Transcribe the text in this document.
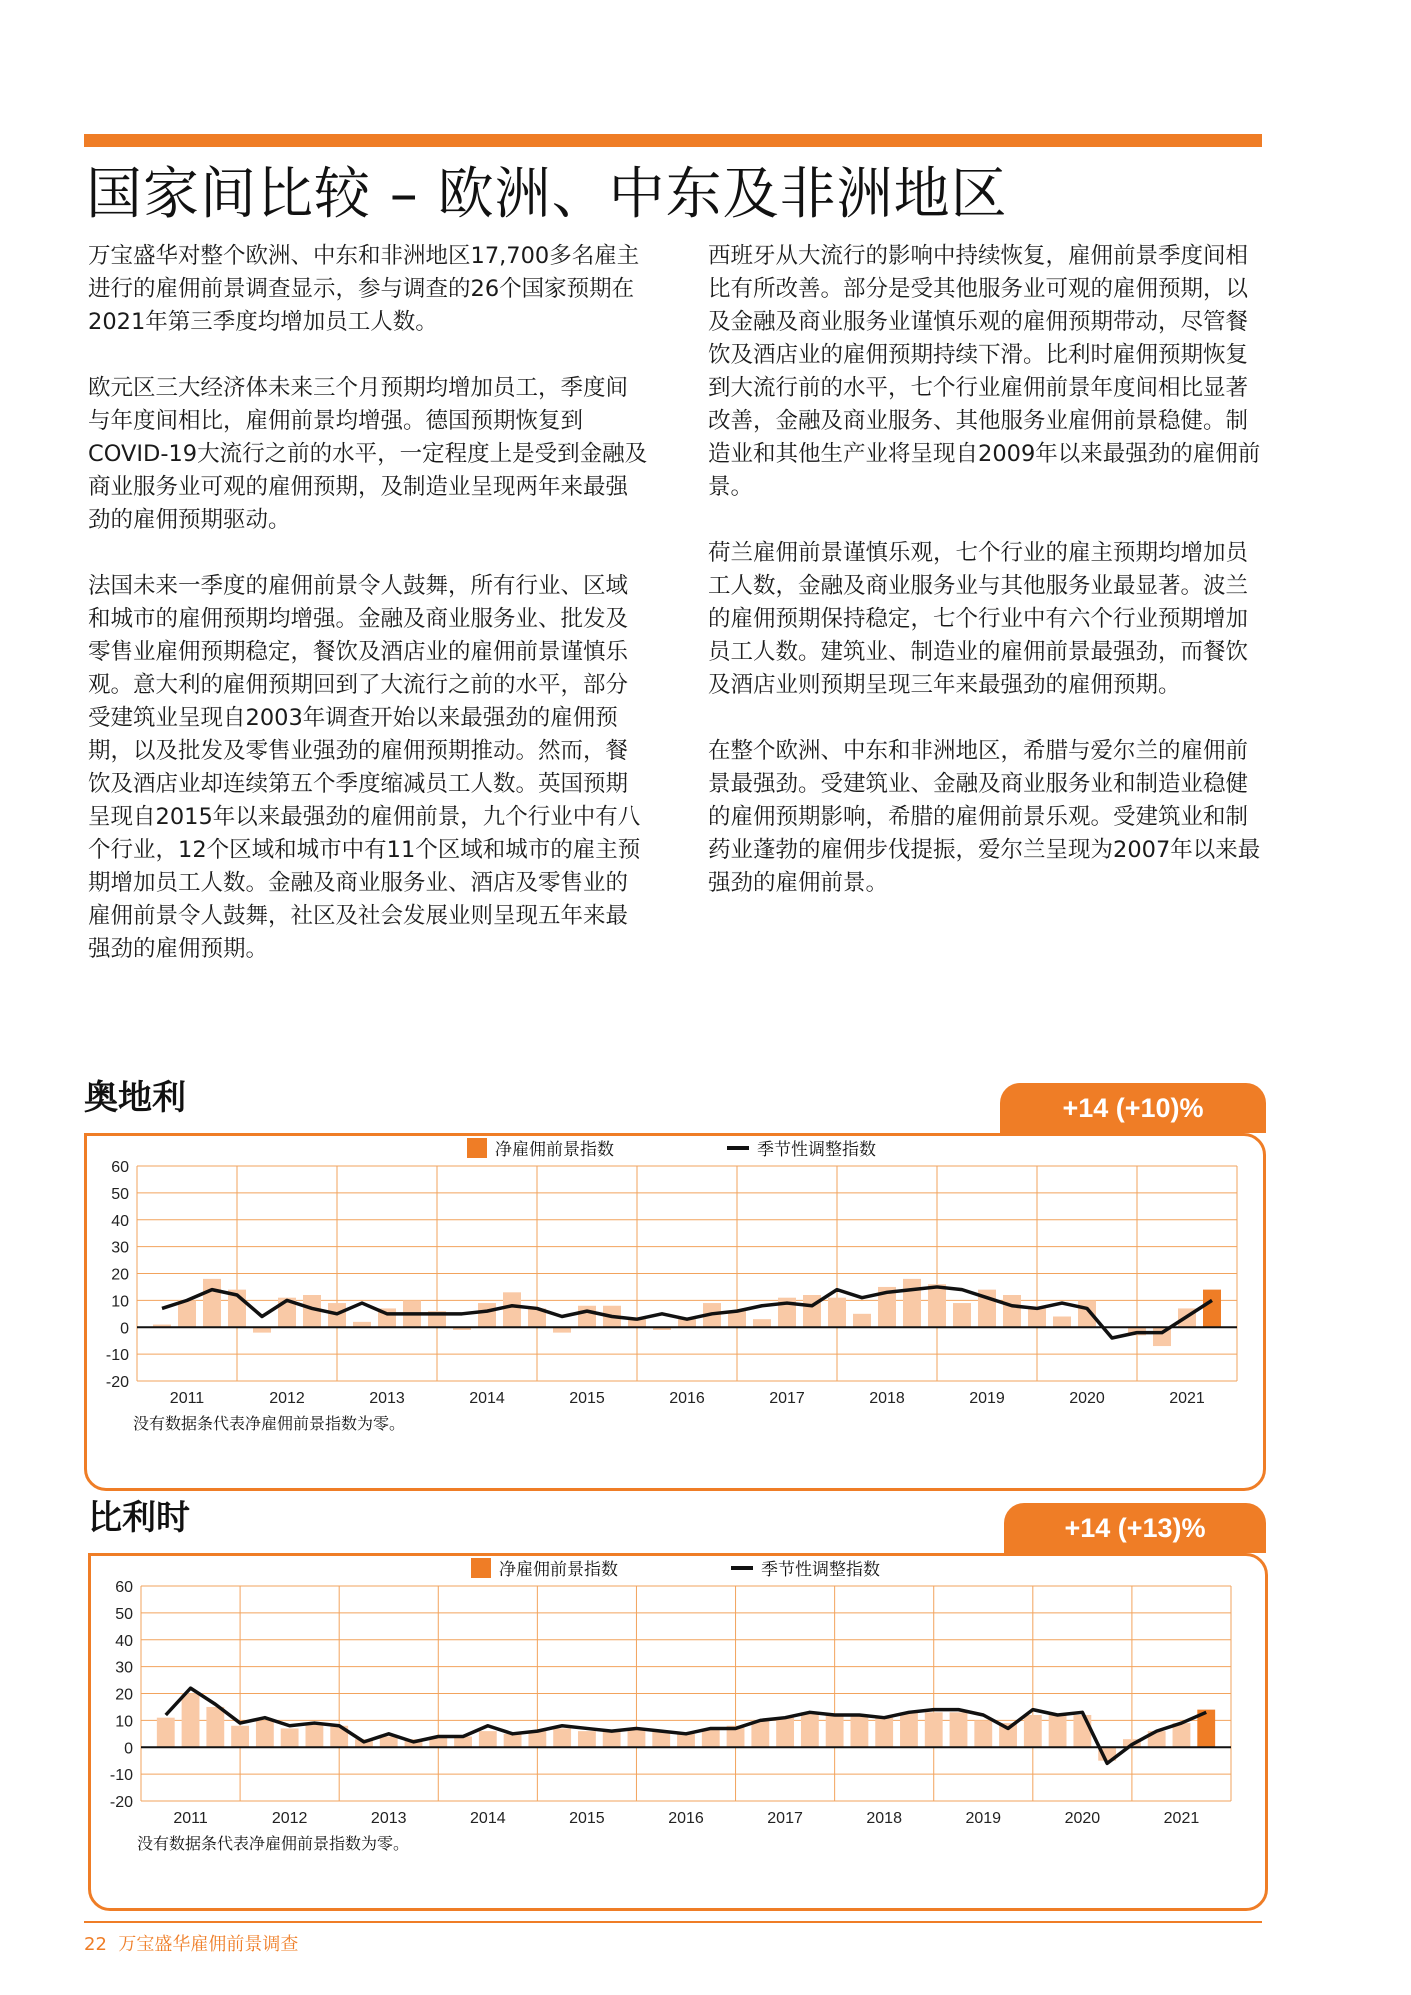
国家间比较 – 欧洲、中东及非洲地区

万宝盛华对整个欧洲、中东和非洲地区17,700多名雇主进行的雇佣前景调查显示，参与调查的26个国家预期在2021年第三季度均增加员工人数。

欧元区三大经济体未来三个月预期均增加员工，季度间与年度间相比，雇佣前景均增强。德国预期恢复到COVID-19大流行之前的水平，一定程度上是受到金融及商业服务业可观的雇佣预期，及制造业呈现两年来最强劲的雇佣预期驱动。

法国未来一季度的雇佣前景令人鼓舞，所有行业、区域和城市的雇佣预期均增强。金融及商业服务业、批发及零售业雇佣预期稳定，餐饮及酒店业的雇佣前景谨慎乐观。意大利的雇佣预期回到了大流行之前的水平，部分受建筑业呈现自2003年调查开始以来最强劲的雇佣预期，以及批发及零售业强劲的雇佣预期推动。然而，餐饮及酒店业却连续第五个季度缩减员工人数。英国预期呈现自2015年以来最强劲的雇佣前景，九个行业中有八个行业，12个区域和城市中有11个区域和城市的雇主预期增加员工人数。金融及商业服务业、酒店及零售业的雇佣前景令人鼓舞，社区及社会发展业则呈现五年来最强劲的雇佣预期。

西班牙从大流行的影响中持续恢复，雇佣前景季度间相比有所改善。部分是受其他服务业可观的雇佣预期，以及金融及商业服务业谨慎乐观的雇佣预期带动，尽管餐饮及酒店业的雇佣预期持续下滑。比利时雇佣预期恢复到大流行前的水平，七个行业雇佣前景年度间相比显著改善，金融及商业服务、其他服务业雇佣前景稳健。制造业和其他生产业将呈现自2009年以来最强劲的雇佣前景。

荷兰雇佣前景谨慎乐观，七个行业的雇主预期均增加员工人数，金融及商业服务业与其他服务业最显著。波兰的雇佣预期保持稳定，七个行业中有六个行业预期增加员工人数。建筑业、制造业的雇佣前景最强劲，而餐饮及酒店业则预期呈现三年来最强劲的雇佣预期。

在整个欧洲、中东和非洲地区，希腊与爱尔兰的雇佣前景最强劲。受建筑业、金融及商业服务业和制造业稳健的雇佣预期影响，希腊的雇佣前景乐观。受建筑业和制药业蓬勃的雇佣步伐提振，爱尔兰呈现为2007年以来最强劲的雇佣前景。

奥地利	+14 (+10)%
净雇佣前景指数	季节性调整指数
60
50
40
30
20
10
0
-10
-20
2011	2012	2013	2014	2015	2016	2017	2018	2019	2020	2021
没有数据条代表净雇佣前景指数为零。
比利时	+14 (+13)%
净雇佣前景指数	季节性调整指数
60
50
40
30
20
10
0
-10
-20
2011	2012	2013	2014	2015	2016	2017	2018	2019	2020	2021
没有数据条代表净雇佣前景指数为零。
22 万宝盛华雇佣前景调查
